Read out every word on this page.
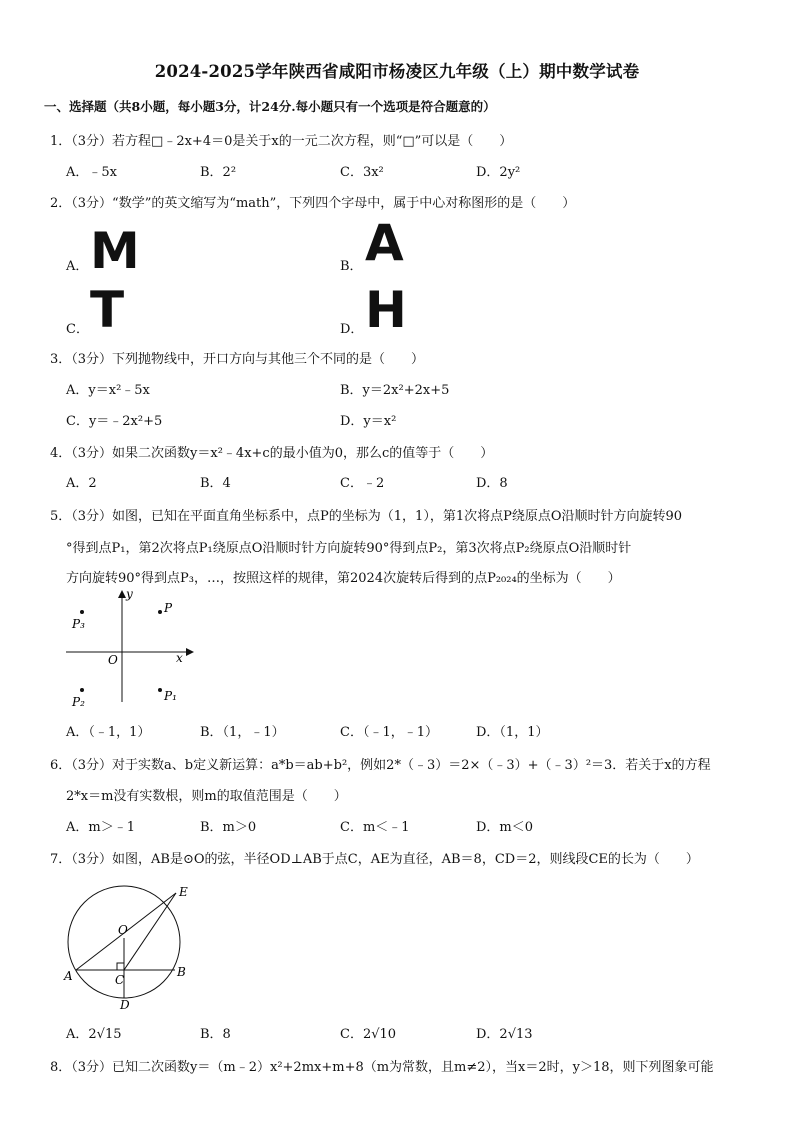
2024-2025学年陕西省咸阳市杨凌区九年级（上）期中数学试卷
一、选择题（共8小题，每小题3分，计24分.每小题只有一个选项是符合题意的）
1．（3分）若方程□﹣2x+4＝0是关于x的一元二次方程，则“□”可以是（　　）
A．﹣5x	B．2²	C．3x²	D．2y²
2．（3分）“数学”的英文缩写为“math”，下列四个字母中，属于中心对称图形的是（　　）
A． M	B． A
C． T	D． H
3．（3分）下列抛物线中，开口方向与其他三个不同的是（　　）
A．y＝x²﹣5x	B．y＝2x²+2x+5
C．y＝﹣2x²+5	D．y＝x²
4．（3分）如果二次函数y＝x²﹣4x+c的最小值为0，那么c的值等于（　　）
A．2	B．4	C．﹣2	D．8
5．（3分）如图，已知在平面直角坐标系中，点P的坐标为（1，1），第1次将点P绕原点O沿顺时针方向旋转90
°得到点P₁，第2次将点P₁绕原点O沿顺时针方向旋转90°得到点P₂，第3次将点P₂绕原点O沿顺时针
方向旋转90°得到点P₃，…，按照这样的规律，第2024次旋转后得到的点P₂₀₂₄的坐标为（　　）
y
x
O
P
P₁
P₂
P₃
A．（﹣1，1）	B．（1，﹣1）	C．（﹣1，﹣1）	D．（1，1）
6．（3分）对于实数a、b定义新运算：a*b＝ab+b²，例如2*（﹣3）＝2×（﹣3）+（﹣3）²＝3．若关于x的方程
2*x＝m没有实数根，则m的取值范围是（　　）
A．m＞﹣1	B．m＞0	C．m＜﹣1	D．m＜0
7．（3分）如图，AB是⊙O的弦，半径OD⊥AB于点C，AE为直径，AB＝8，CD＝2，则线段CE的长为（　　）
E
O
A	B
C
D
A．2√15	B．8	C．2√10	D．2√13
8．（3分）已知二次函数y＝（m﹣2）x²+2mx+m+8（m为常数，且m≠2），当x＝2时，y＞18，则下列图象可能
